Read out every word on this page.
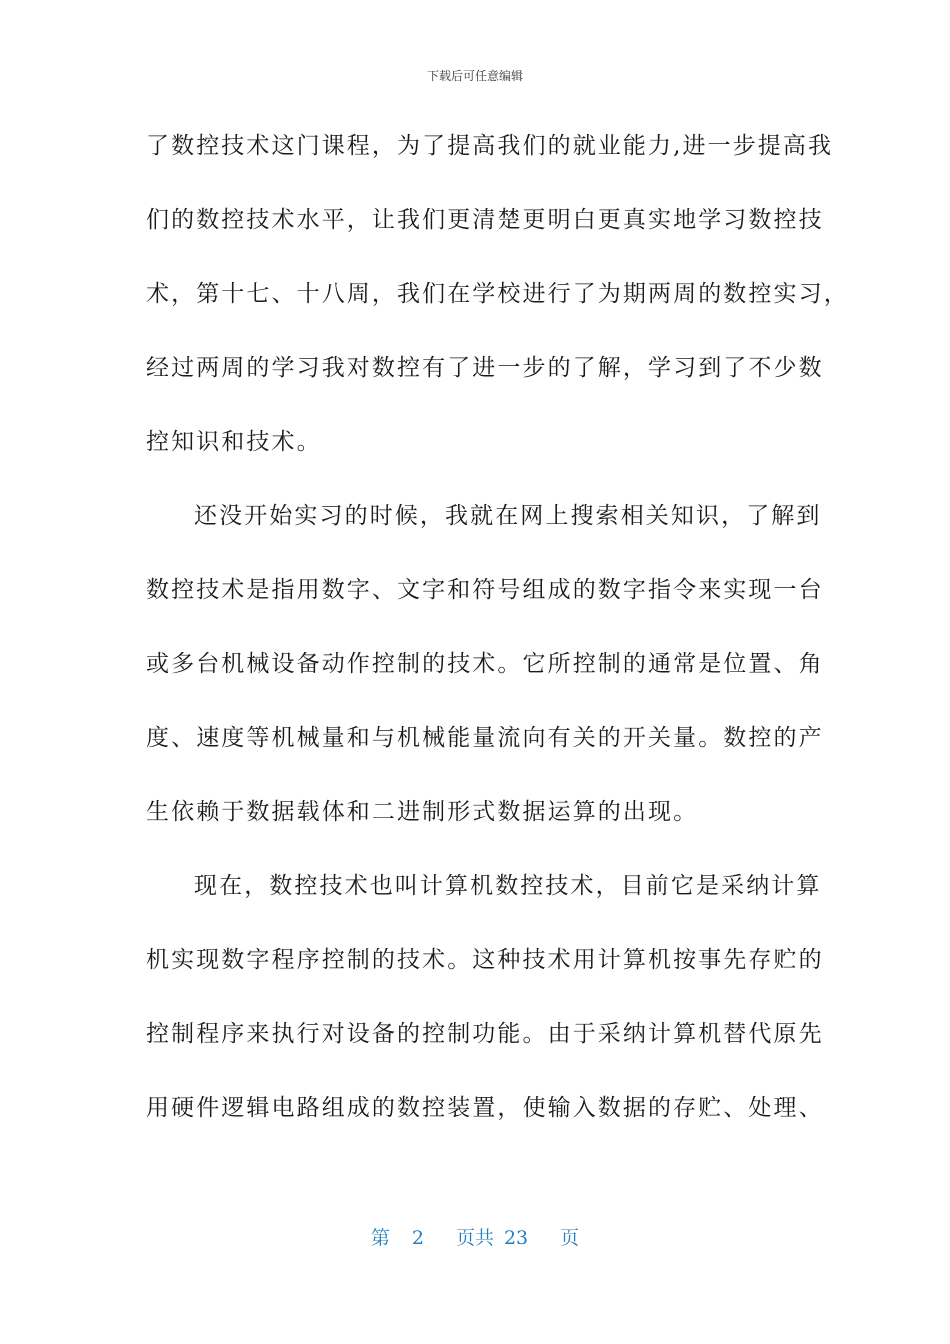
下载后可任意编辑
了数控技术这门课程，为了提高我们的就业能力,进一步提高我
们的数控技术水平，让我们更清楚更明白更真实地学习数控技
术，第十七、十八周，我们在学校进行了为期两周的数控实习，
经过两周的学习我对数控有了进一步的了解，学习到了不少数
控知识和技术。
还没开始实习的时候，我就在网上搜索相关知识，了解到
数控技术是指用数字、文字和符号组成的数字指令来实现一台
或多台机械设备动作控制的技术。它所控制的通常是位置、角
度、速度等机械量和与机械能量流向有关的开关量。数控的产
生依赖于数据载体和二进制形式数据运算的出现。
现在，数控技术也叫计算机数控技术，目前它是采纳计算
机实现数字程序控制的技术。这种技术用计算机按事先存贮的
控制程序来执行对设备的控制功能。由于采纳计算机替代原先
用硬件逻辑电路组成的数控装置，使输入数据的存贮、处理、
第 2 页共 23 页
